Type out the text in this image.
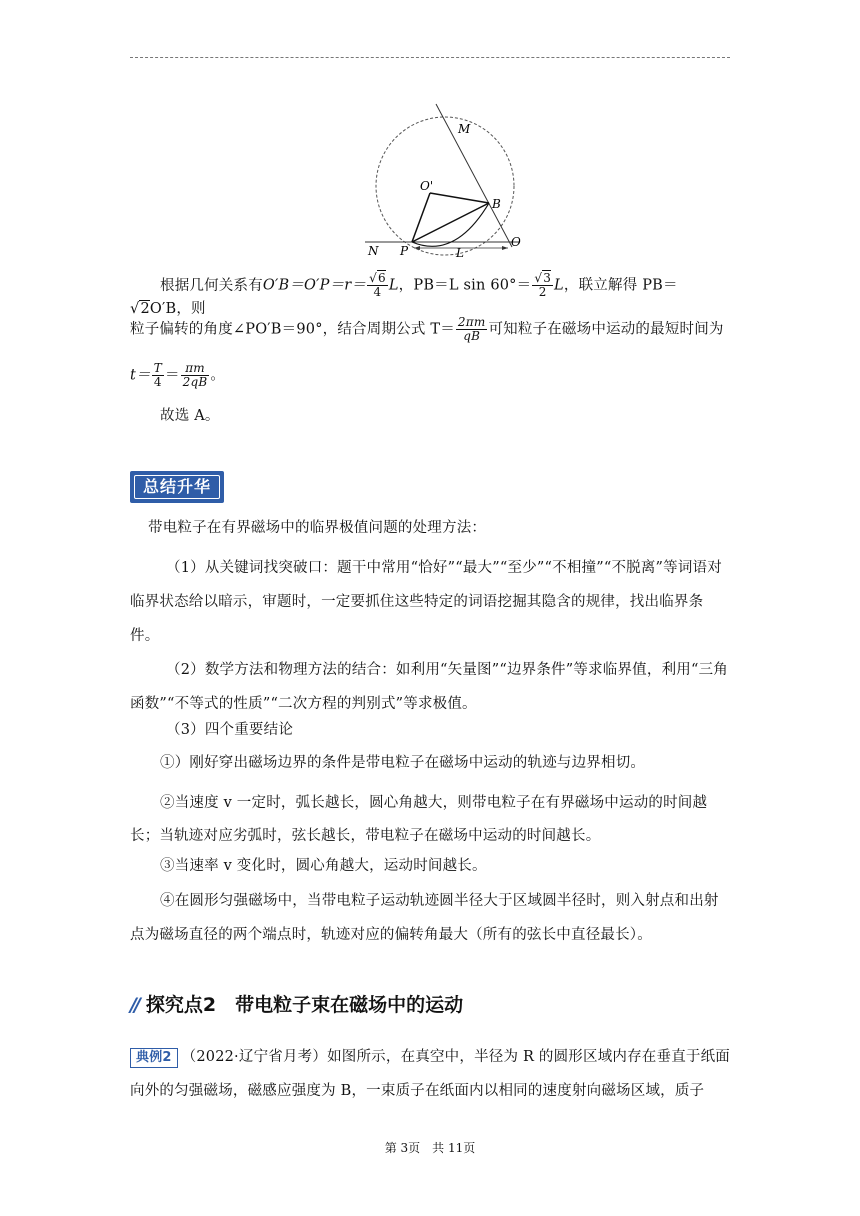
M
O'
B
N P	L
O
根据几何关系有$O'B=O'P=r= \frac{√6}{4}$ L，PB＝L $\sin 60^\circ= \frac{√3}{2}$ L，联立解得 PB＝√2O′B，则
粒子偏转的角度∠PO′B＝90°，结合周期公式 $T= \frac{2\pi m}{qB}$ 可知粒子在磁场中运动的最短时间为
$t= \frac{T}{4} = \frac{\pi m}{2qB}$ 。
故选 A。
总结升华
带电粒子在有界磁场中的临界极值问题的处理方法：
（1）从关键词找突破口：题干中常用“恰好”“最大”“至少”“不相撞”“不脱离”等词语对临界状态给以暗示，审题时，一定要抓住这些特定的词语挖掘其隐含的规律，找出临界条件。
（2）数学方法和物理方法的结合：如利用“矢量图”“边界条件”等求临界值，利用“三角函数”“不等式的性质”“二次方程的判别式”等求极值。
（3）四个重要结论
①）刚好穿出磁场边界的条件是带电粒子在磁场中运动的轨迹与边界相切。
②当速度 v 一定时，弧长越长，圆心角越大，则带电粒子在有界磁场中运动的时间越长；当轨迹对应劣弧时，弦长越长，带电粒子在磁场中运动的时间越长。
③当速率 v 变化时，圆心角越大，运动时间越长。
④在圆形匀强磁场中，当带电粒子运动轨迹圆半径大于区域圆半径时，则入射点和出射点为磁场直径的两个端点时，轨迹对应的偏转角最大（所有的弦长中直径最长）。
// 探究点2　带电粒子束在磁场中的运动
典例2 （2022·辽宁省月考）如图所示，在真空中，半径为 R 的圆形区域内存在垂直于纸面向外的匀强磁场，磁感应强度为 B，一束质子在纸面内以相同的速度射向磁场区域，质子
第 3页　共 11页
